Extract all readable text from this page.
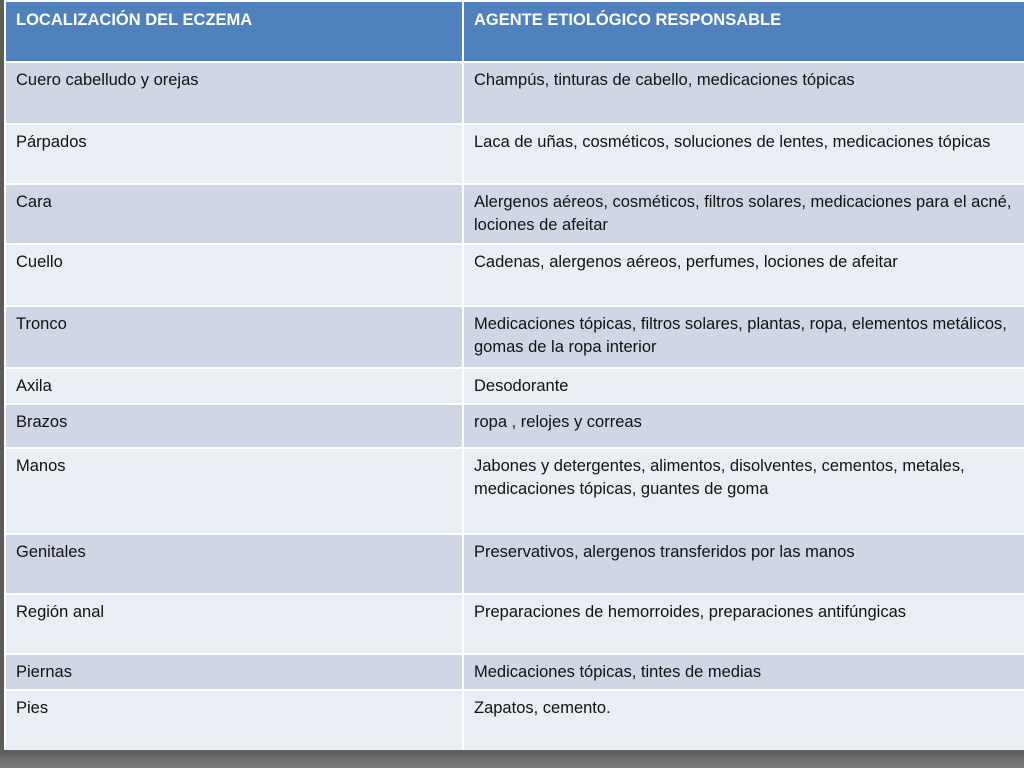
LOCALIZACIÓN DEL ECZEMA	AGENTE ETIOLÓGICO RESPONSABLE
Cuero cabelludo y orejas	Champús, tinturas de cabello, medicaciones tópicas
Párpados	Laca de uñas, cosméticos, soluciones de lentes, medicaciones tópicas
Cara	Alergenos aéreos, cosméticos, filtros solares, medicaciones para el acné, lociones de afeitar
Cuello	Cadenas, alergenos aéreos, perfumes, lociones de afeitar
Tronco	Medicaciones tópicas, filtros solares, plantas, ropa, elementos metálicos, gomas de la ropa interior
Axila	Desodorante
Brazos	ropa , relojes y correas
Manos	Jabones y detergentes, alimentos, disolventes, cementos, metales, medicaciones tópicas, guantes de goma
Genitales	Preservativos, alergenos transferidos por las manos
Región anal	Preparaciones de hemorroides, preparaciones antifúngicas
Piernas	Medicaciones tópicas, tintes de medias
Pies	Zapatos, cemento.
